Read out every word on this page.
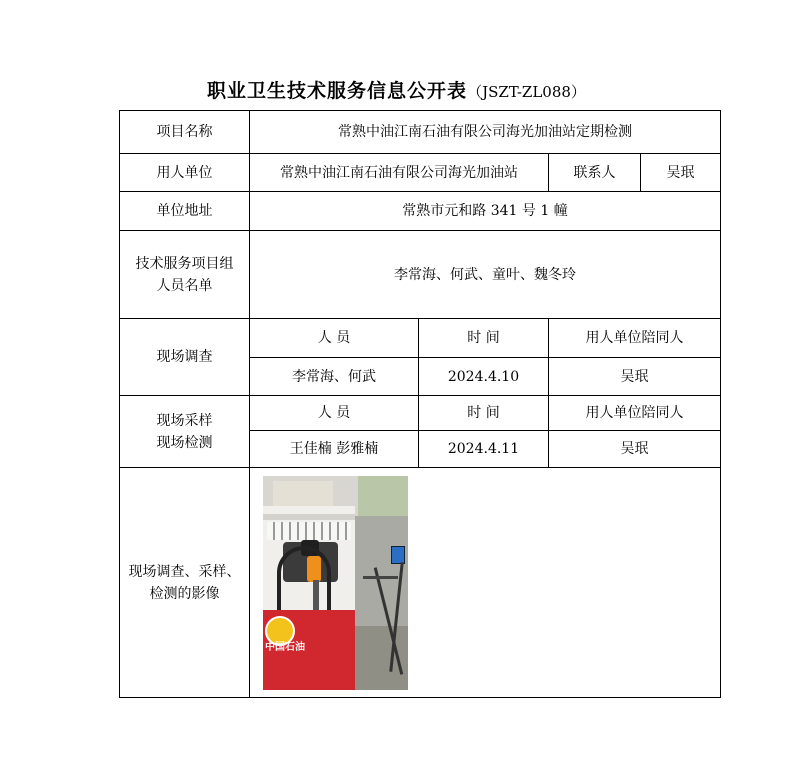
职业卫生技术服务信息公开表（JSZT-ZL088）
项目名称	常熟中油江南石油有限公司海光加油站定期检测			
用人单位	常熟中油江南石油有限公司海光加油站		联系人	吴珉
单位地址	常熟市元和路 341 号 1 幢			

技术服务项目组
人员名单	李常海、何武、童叶、魏冬玲			
现场调查	人 员	时 间	用人单位陪同人	
	李常海、何武	2024.4.10	吴珉	

现场采样
现场检测	人 员	时 间	用人单位陪同人	
	王佳楠 彭雅楠	2024.4.11	吴珉	

现场调查、采样、
检测的影像	中国石油			
